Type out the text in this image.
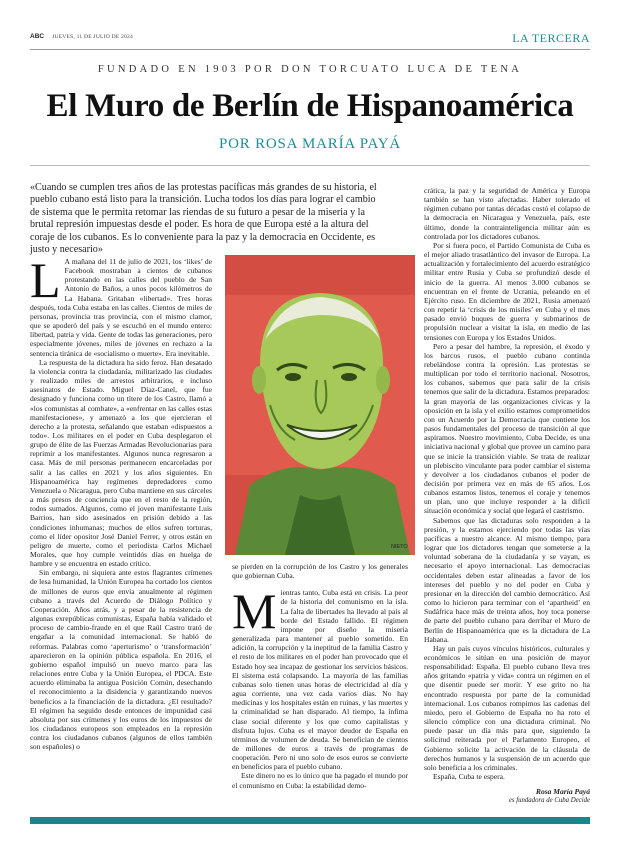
ABC JUEVES, 11 DE JULIO DE 2024	LA TERCERA
FUNDADO EN 1903 POR DON TORCUATO LUCA DE TENA
El Muro de Berlín de Hispanoamérica
POR ROSA MARÍA PAYÁ

«Cuando se cumplen tres años de las protestas pacíficas más grandes de su historia, el pueblo cubano está listo para la transición. Lucha todos los días para lograr el cambio de sistema que le permita retomar las riendas de su futuro a pesar de la miseria y la brutal represión impuestas desde el poder. Es hora de que Europa esté a la altura del coraje de los cubanos. Es lo conveniente para la paz y la democracia en Occidente, es justo y necesario»

L A mañana del 11 de julio de 2021, los ‘likes’ de Facebook mostraban a cientos de cubanos protestando en las calles del pueblo de San Antonio de Baños, a unos pocos kilómetros de La Habana. Gritaban «libertad». Tres horas después, toda Cuba estaba en las calles. Cientos de miles de personas, provincia tras provincia, con el mismo clamor, que se apoderó del país y se escuchó en el mundo entero: libertad, patria y vida. Gente de todas las generaciones, pero especialmente jóvenes, miles de jóvenes en rechazo a la sentencia tiránica de «socialismo o muerte». Era inevitable.

La respuesta de la dictadura ha sido feroz. Han desatado la violencia contra la ciudadanía, militarizado las ciudades y realizado miles de arrestos arbitrarios, e incluso asesinatos de Estado. Miguel Díaz-Canel, que fue designado y funciona como un títere de los Castro, llamó a «los comunistas al combate», a «enfrentar en las calles estas manifestaciones», y amenazó a los que ejercieran el derecho a la protesta, señalando que estaban «dispuestos a todo». Los militares en el poder en Cuba desplegaron el grupo de élite de las Fuerzas Armadas Revolucionarias para reprimir a los manifestantes. Algunos nunca regresaron a casa. Más de mil personas permanecen encarceladas por salir a las calles en 2021 y los años siguientes. En Hispanoamérica hay regímenes depredadores como Venezuela o Nicaragua, pero Cuba mantiene en sus cárceles a más presos de conciencia que en el resto de la región, todos sumados. Algunos, como el joven manifestante Luis Barrios, han sido asesinados en prisión debido a las condiciones inhumanas; muchos de ellos sufren torturas, como el líder opositor José Daniel Ferrer, y otros están en peligro de muerte, como el periodista Carlos Michael Morales, que hoy cumple veintidós días en huelga de hambre y se encuentra en estado crítico.

Sin embargo, ni siquiera ante estos flagrantes crímenes de lesa humanidad, la Unión Europea ha cortado los cientos de millones de euros que envía anualmente al régimen cubano a través del Acuerdo de Diálogo Político y Cooperación. Años atrás, y a pesar de la resistencia de algunas exrepúblicas comunistas, España había validado el proceso de cambio-fraude en el que Raúl Castro trató de engañar a la comunidad internacional. Se habló de reformas. Palabras como ‘aperturismo’ o ‘transformación’ aparecieron en la opinión pública española. En 2016, el gobierno español impulsó un nuevo marco para las relaciones entre Cuba y la Unión Europea, el PDCA. Este acuerdo eliminaba la antigua Posición Común, desechando el reconocimiento a la disidencia y garantizando nuevos beneficios a la financiación de la dictadura. ¿El resultado? El régimen ha seguido desde entonces de impunidad casi absoluta por sus crímenes y los euros de los impuestos de los ciudadanos europeos son empleados en la represión contra los ciudadanos cubanos (algunos de ellos también son españoles) o

NIETO

se pierden en la corrupción de los Castro y los generales que gobiernan Cuba.

M ientras tanto, Cuba está en crisis. La peor de la historia del comunismo en la isla. La falta de libertades ha llevado al país al borde del Estado fallido. El régimen impone por diseño la miseria generalizada para mantener al pueblo sometido. En adición, la corrupción y la ineptitud de la familia Castro y el resto de los militares en el poder han provocado que el Estado hoy sea incapaz de gestionar los servicios básicos. El sistema está colapsando. La mayoría de las familias cubanas solo tienen unas horas de electricidad al día y agua corriente, una vez cada varios días. No hay medicinas y los hospitales están en ruinas, y las muertes y la criminalidad se han disparado. Al tiempo, la ínfima clase social diferente y los que como capitalistas y disfruta lujos. Cuba es el mayor deudor de España en términos de volumen de deuda. Se benefician de cientos de millones de euros a través de programas de cooperación. Pero ni uno solo de esos euros se convierte en beneficios para el pueblo cubano.

Este dinero no es lo único que ha pagado el mundo por el comunismo en Cuba: la estabilidad demo-

crática, la paz y la seguridad de América y Europa también se han visto afectadas. Haber tolerado el régimen cubano por tantas décadas costó el colapso de la democracia en Nicaragua y Venezuela, país, este último, donde la contrainteligencia militar aún es controlada por los dictadores cubanos.

Por si fuera poco, el Partido Comunista de Cuba es el mejor aliado trasatlántico del invasor de Europa. La actualización y fortalecimiento del acuerdo estratégico militar entre Rusia y Cuba se profundizó desde el inicio de la guerra. Al menos 3.000 cubanos se encuentran en el frente de Ucrania, peleando en el Ejército ruso. En diciembre de 2021, Rusia amenazó con repetir la ‘crisis de los misiles’ en Cuba y el mes pasado envió buques de guerra y submarinos de propulsión nuclear a visitar la isla, en medio de las tensiones con Europa y los Estados Unidos.

Pero a pesar del hambre, la represión, el éxodo y los barcos rusos, el pueblo cubano continúa rebelándose contra la opresión. Las protestas se multiplican por todo el territorio nacional. Nosotros, los cubanos, sabemos que para salir de la crisis tenemos que salir de la dictadura. Estamos preparados: la gran mayoría de las organizaciones cívicas y la oposición en la isla y el exilio estamos comprometidos con un Acuerdo por la Democracia que contiene los pasos fundamentales del proceso de transición al que aspiramos. Nuestro movimiento, Cuba Decide, es una iniciativa nacional y global que provee un camino para que se inicie la transición viable. Se trata de realizar un plebiscito vinculante para poder cambiar el sistema y devolver a los ciudadanos cubanos el poder de decisión por primera vez en más de 65 años. Los cubanos estamos listos, tenemos el coraje y tenemos un plan, uno que incluye responder a la difícil situación económica y social que legará el castrismo.

Sabemos que las dictaduras solo responden a la presión, y la estamos ejerciendo por todas las vías pacíficas a nuestro alcance. Al mismo tiempo, para lograr que los dictadores tengan que someterse a la voluntad soberana de la ciudadanía y se vayan, es necesario el apoyo internacional. Las democracias occidentales deben estar alineadas a favor de los intereses del pueblo y no del poder en Cuba y presionar en la dirección del cambio democrático. Así como lo hicieron para terminar con el ‘apartheid’ en Sudáfrica hace más de treinta años, hoy toca ponerse de parte del pueblo cubano para derribar el Muro de Berlín de Hispanoamérica que es la dictadura de La Habana.

Hay un país cuyos vínculos históricos, culturales y económicos le sitúan en una posición de mayor responsabilidad: España. El pueblo cubano lleva tres años gritando «patria y vida» contra un régimen en el que disentir puede ser morir. Y ese grito no ha encontrado respuesta por parte de la comunidad internacional. Los cubanos rompimos las cadenas del miedo, pero el Gobierno de España no ha roto el silencio cómplice con una dictadura criminal. No puede pasar un día más para que, siguiendo la solicitud reiterada por el Parlamento Europeo, el Gobierno solicite la activación de la cláusula de derechos humanos y la suspensión de un acuerdo que solo beneficia a los criminales.

España, Cuba te espera.

Rosa María Payá

es fundadora de Cuba Decide
